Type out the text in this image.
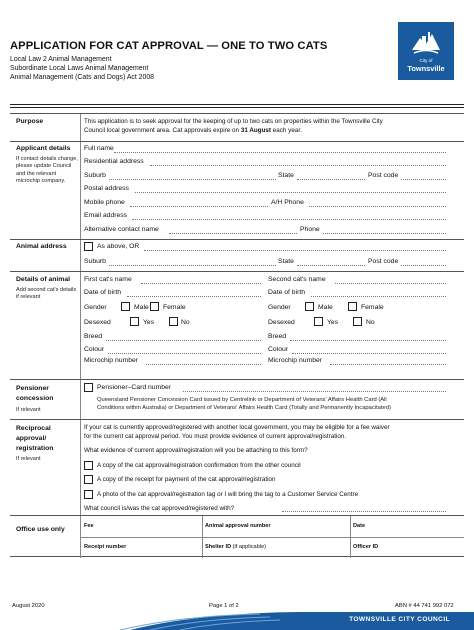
APPLICATION FOR CAT APPROVAL — ONE TO TWO CATS
Local Law 2 Animal Management
Subordinate Local Laws Animal Management
Animal Management (Cats and Dogs) Act 2008
City of
Townsville
Purpose	This application is to seek approval for the keeping of up to two cats on properties within the Townsville City
Council local government area. Cat approvals expire on 31 August each year.
Applicant details
If contact details change, please update Council and the relevant microchip company.
Full name
Residential address
Suburb	State	Post code
Postal address
Mobile phone	A/H Phone
Email address
Alternative contact name	Phone
Animal address	As above, OR
Suburb	State	Post code
Details of animal
Add second cat's details if relevant
First cat's name
Date of birth
Gender	Male Female
Desexed	Yes	No
Breed
Colour
Microchip number
Second cat's name
Date of birth
Gender	Male	Female
Desexed	Yes	No
Breed
Colour
Microchip number
Pensioner concession
If relevant
Pensioner–Card number
Queensland Pensioner Concession Card issued by Centrelink or Department of Veterans' Affairs Health Card (All
Conditions within Australia) or Department of Veterans' Affairs Health Card (Totally and Permanently Incapacitated)
Reciprocal approval/ registration
If relevant
If your cat is currently approved/registered with another local government, you may be eligible for a fee waiver
for the current cat approval period. You must provide evidence of current approval/registration.
What evidence of current approval/registration will you be attaching to this form?
A copy of the cat approval/registration confirmation from the other council
A copy of the receipt for payment of the cat approval/registration
A photo of the cat approval/registration tag or I will bring the tag to a Customer Service Centre
What council is/was the cat approved/registered with?
Office use only	Fee	Animal approval number	Date
Receipt number	Shelter ID (if applicable)	Officer ID
August 2020	Page 1 of 2	ABN # 44 741 992 072
TOWNSVILLE CITY COUNCIL
